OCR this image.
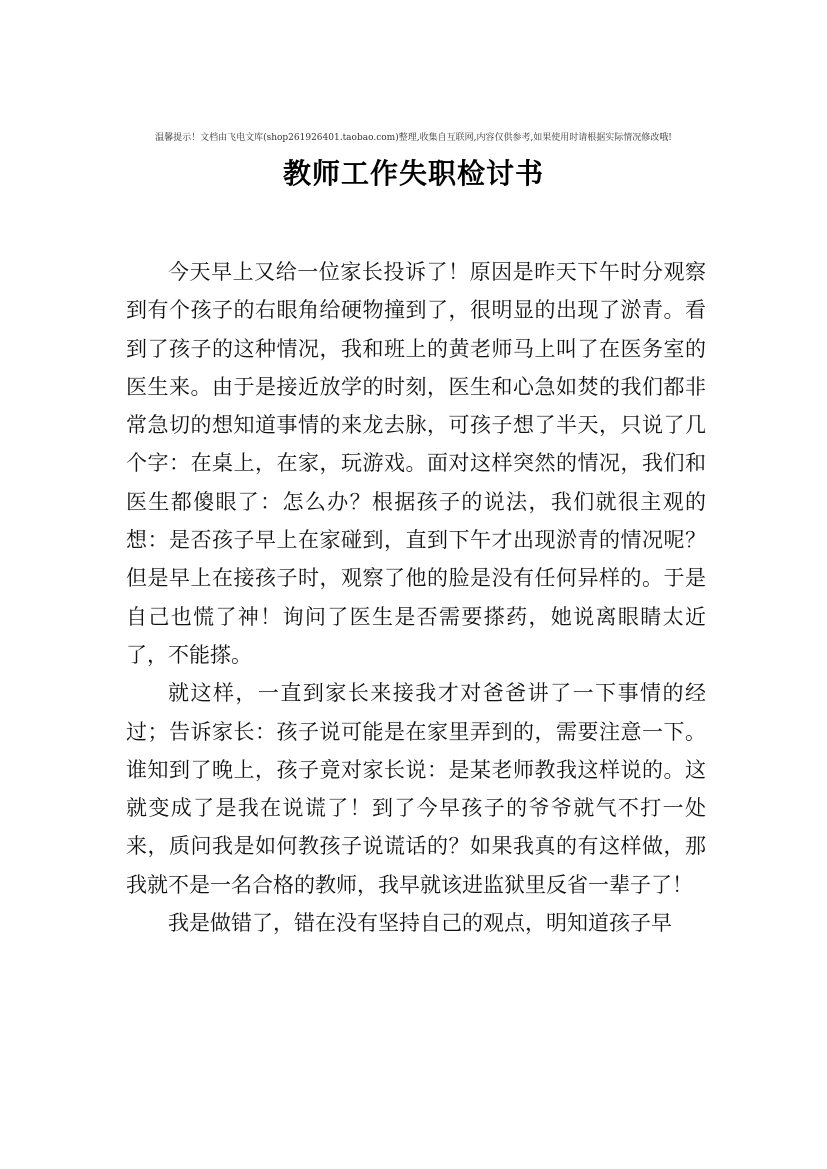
温馨提示！文档由飞电文库(shop261926401.taobao.com)整理,收集自互联网,内容仅供参考,如果使用时请根据实际情况修改哦!
教师工作失职检讨书

今天早上又给一位家长投诉了！原因是昨天下午时分观察到有个孩子的右眼角给硬物撞到了，很明显的出现了淤青。看到了孩子的这种情况，我和班上的黄老师马上叫了在医务室的医生来。由于是接近放学的时刻，医生和心急如焚的我们都非常急切的想知道事情的来龙去脉，可孩子想了半天，只说了几个字：在桌上，在家，玩游戏。面对这样突然的情况，我们和医生都傻眼了：怎么办？根据孩子的说法，我们就很主观的想：是否孩子早上在家碰到，直到下午才出现淤青的情况呢？但是早上在接孩子时，观察了他的脸是没有任何异样的。于是自己也慌了神！询问了医生是否需要搽药，她说离眼睛太近了，不能搽。

就这样，一直到家长来接我才对爸爸讲了一下事情的经过；告诉家长：孩子说可能是在家里弄到的，需要注意一下。谁知到了晚上，孩子竟对家长说：是某老师教我这样说的。这就变成了是我在说谎了！到了今早孩子的爷爷就气不打一处来，质问我是如何教孩子说谎话的？如果我真的有这样做，那我就不是一名合格的教师，我早就该进监狱里反省一辈子了！

我是做错了，错在没有坚持自己的观点，明知道孩子早
